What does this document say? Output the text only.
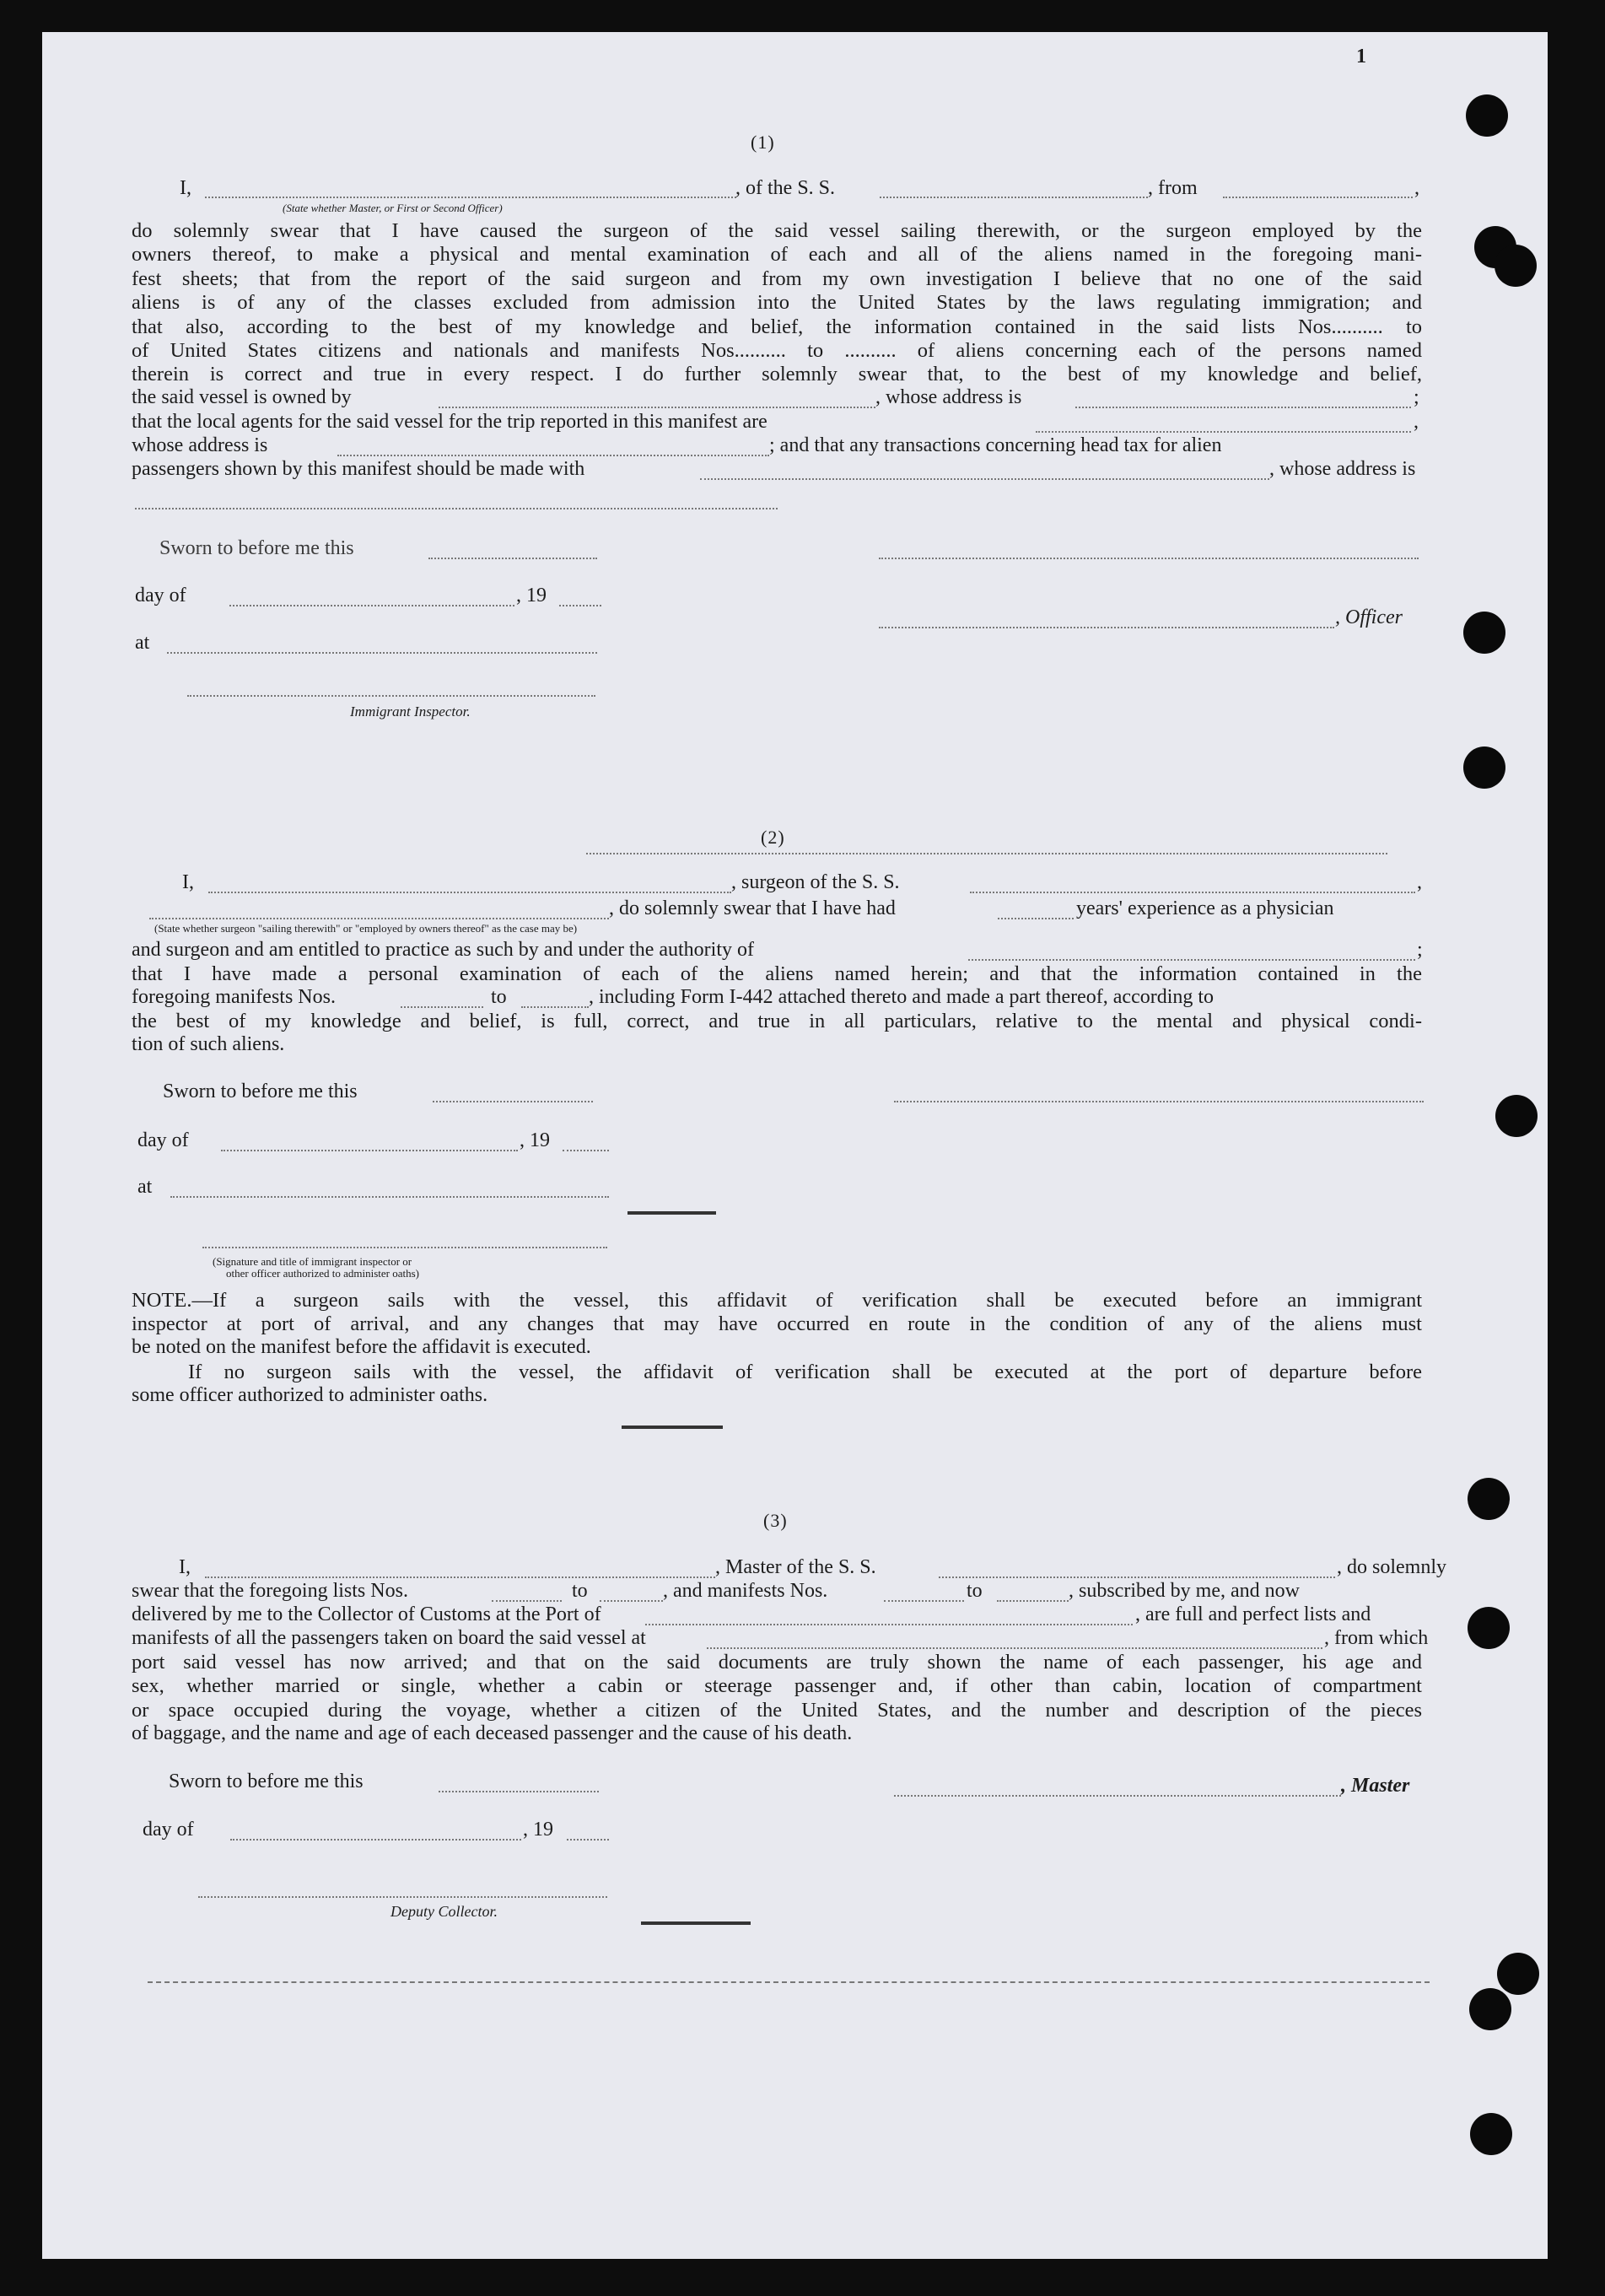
1
(1)
I,	, of the S. S.	, from	,
(State whether Master, or First or Second Officer)
do solemnly swear that I have caused the surgeon of the said vessel sailing therewith, or the surgeon employed by the
owners thereof, to make a physical and mental examination of each and all of the aliens named in the foregoing mani-
fest sheets; that from the report of the said surgeon and from my own investigation I believe that no one of the said
aliens is of any of the classes excluded from admission into the United States by the laws regulating immigration; and
that also, according to the best of my knowledge and belief, the information contained in the said lists Nos.......... to
of United States citizens and nationals and manifests Nos.......... to .......... of aliens concerning each of the persons named
therein is correct and true in every respect. I do further solemnly swear that, to the best of my knowledge and belief,
the said vessel is owned by	, whose address is	;
that the local agents for the said vessel for the trip reported in this manifest are	,
whose address is	; and that any transactions concerning head tax for alien
passengers shown by this manifest should be made with	, whose address is
Sworn to before me this
day of	, 19
, Officer
at
Immigrant Inspector.
(2)
I,	, surgeon of the S. S.	,
, do solemnly swear that I have had	years' experience as a physician
(State whether surgeon "sailing therewith" or "employed by owners thereof" as the case may be)
and surgeon and am entitled to practice as such by and under the authority of	;
that I have made a personal examination of each of the aliens named herein; and that the information contained in the
foregoing manifests Nos.	to	, including Form I-442 attached thereto and made a part thereof, according to
the best of my knowledge and belief, is full, correct, and true in all particulars, relative to the mental and physical condi-
tion of such aliens.
Sworn to before me this
day of	, 19
at
(Signature and title of immigrant inspector or
other officer authorized to administer oaths)
NOTE.—If a surgeon sails with the vessel, this affidavit of verification shall be executed before an immigrant
inspector at port of arrival, and any changes that may have occurred en route in the condition of any of the aliens must
be noted on the manifest before the affidavit is executed.
If no surgeon sails with the vessel, the affidavit of verification shall be executed at the port of departure before
some officer authorized to administer oaths.
(3)
I,	, Master of the S. S.	, do solemnly
swear that the foregoing lists Nos.	to	, and manifests Nos.	to	, subscribed by me, and now
delivered by me to the Collector of Customs at the Port of	, are full and perfect lists and
manifests of all the passengers taken on board the said vessel at	, from which
port said vessel has now arrived; and that on the said documents are truly shown the name of each passenger, his age and
sex, whether married or single, whether a cabin or steerage passenger and, if other than cabin, location of compartment
or space occupied during the voyage, whether a citizen of the United States, and the number and description of the pieces
of baggage, and the name and age of each deceased passenger and the cause of his death.
Sworn to before me this	, Master
day of	, 19
Deputy Collector.
